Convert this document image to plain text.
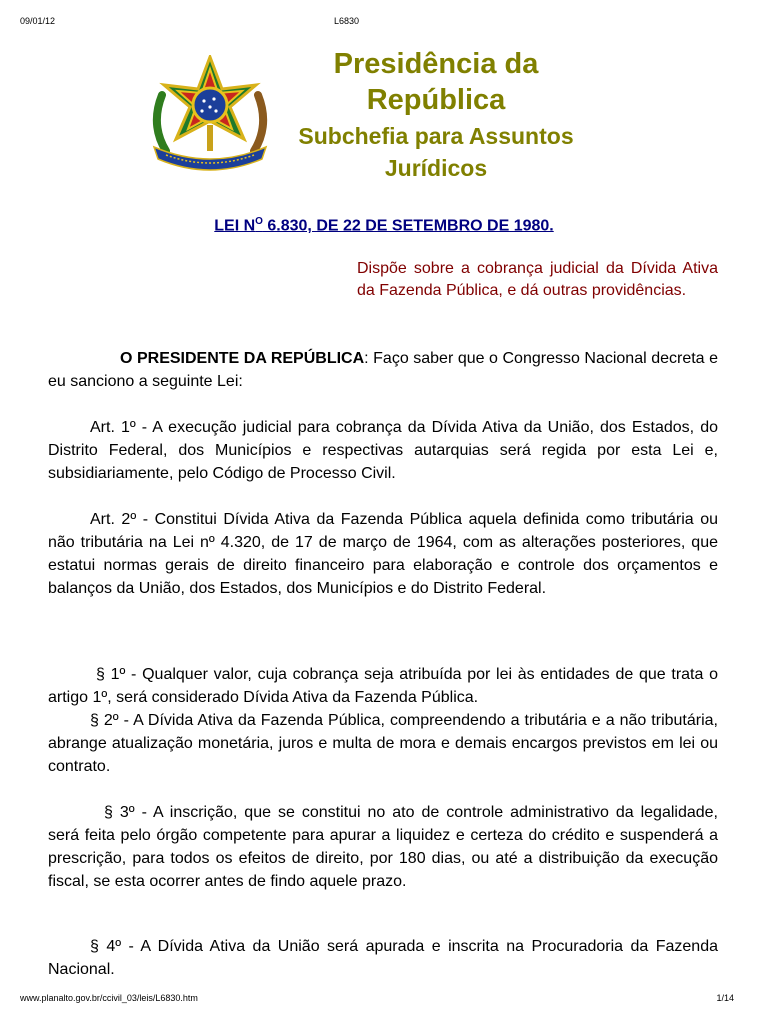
09/01/12	L6830
Presidência da
República
Subchefia para Assuntos
Jurídicos
LEI $N^O$ 6.830, DE 22 DE SETEMBRO DE 1980.
Dispõe sobre a cobrança judicial da Dívida Ativa da Fazenda Pública, e dá outras providências.
O PRESIDENTE DA REPÚBLICA: Faço saber que o Congresso Nacional decreta e eu sanciono a seguinte Lei:
Art. 1º - A execução judicial para cobrança da Dívida Ativa da União, dos Estados, do Distrito Federal, dos Municípios e respectivas autarquias será regida por esta Lei e, subsidiariamente, pelo Código de Processo Civil.
Art. 2º - Constitui Dívida Ativa da Fazenda Pública aquela definida como tributária ou não tributária na Lei nº 4.320, de 17 de março de 1964, com as alterações posteriores, que estatui normas gerais de direito financeiro para elaboração e controle dos orçamentos e balanços da União, dos Estados, dos Municípios e do Distrito Federal.
§ 1º - Qualquer valor, cuja cobrança seja atribuída por lei às entidades de que trata o artigo 1º, será considerado Dívida Ativa da Fazenda Pública.
§ 2º - A Dívida Ativa da Fazenda Pública, compreendendo a tributária e a não tributária, abrange atualização monetária, juros e multa de mora e demais encargos previstos em lei ou contrato.
§ 3º - A inscrição, que se constitui no ato de controle administrativo da legalidade, será feita pelo órgão competente para apurar a liquidez e certeza do crédito e suspenderá a prescrição, para todos os efeitos de direito, por 180 dias, ou até a distribuição da execução fiscal, se esta ocorrer antes de findo aquele prazo.
§ 4º - A Dívida Ativa da União será apurada e inscrita na Procuradoria da Fazenda Nacional.
www.planalto.gov.br/ccivil_03/leis/L6830.htm	1/14
